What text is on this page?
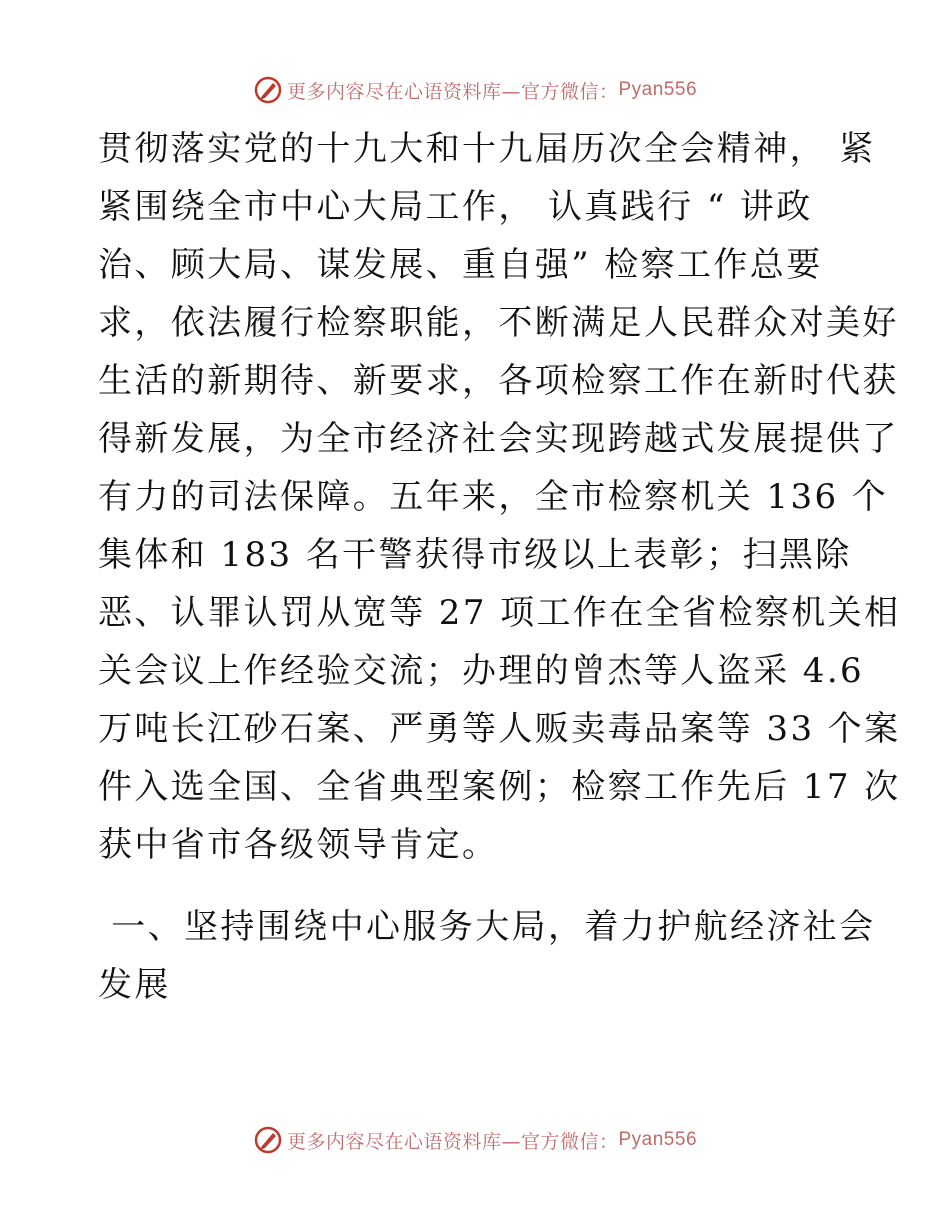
更多内容尽在心语资料库—官方微信： Pyan556
贯彻落实党的十九大和十九届历次全会精神， 紧
紧围绕全市中心大局工作， 认真践行 “ 讲政
治、顾大局、谋发展、重自强” 检察工作总要
求，依法履行检察职能，不断满足人民群众对美好
生活的新期待、新要求，各项检察工作在新时代获
得新发展，为全市经济社会实现跨越式发展提供了
有力的司法保障。五年来，全市检察机关 136 个
集体和 183 名干警获得市级以上表彰；扫黑除
恶、认罪认罚从宽等 27 项工作在全省检察机关相
关会议上作经验交流；办理的曾杰等人盗采 4.6
万吨长江砂石案、严勇等人贩卖毒品案等 33 个案
件入选全国、全省典型案例；检察工作先后 17 次
获中省市各级领导肯定。
一、坚持围绕中心服务大局，着力护航经济社会
发展
更多内容尽在心语资料库—官方微信： Pyan556
